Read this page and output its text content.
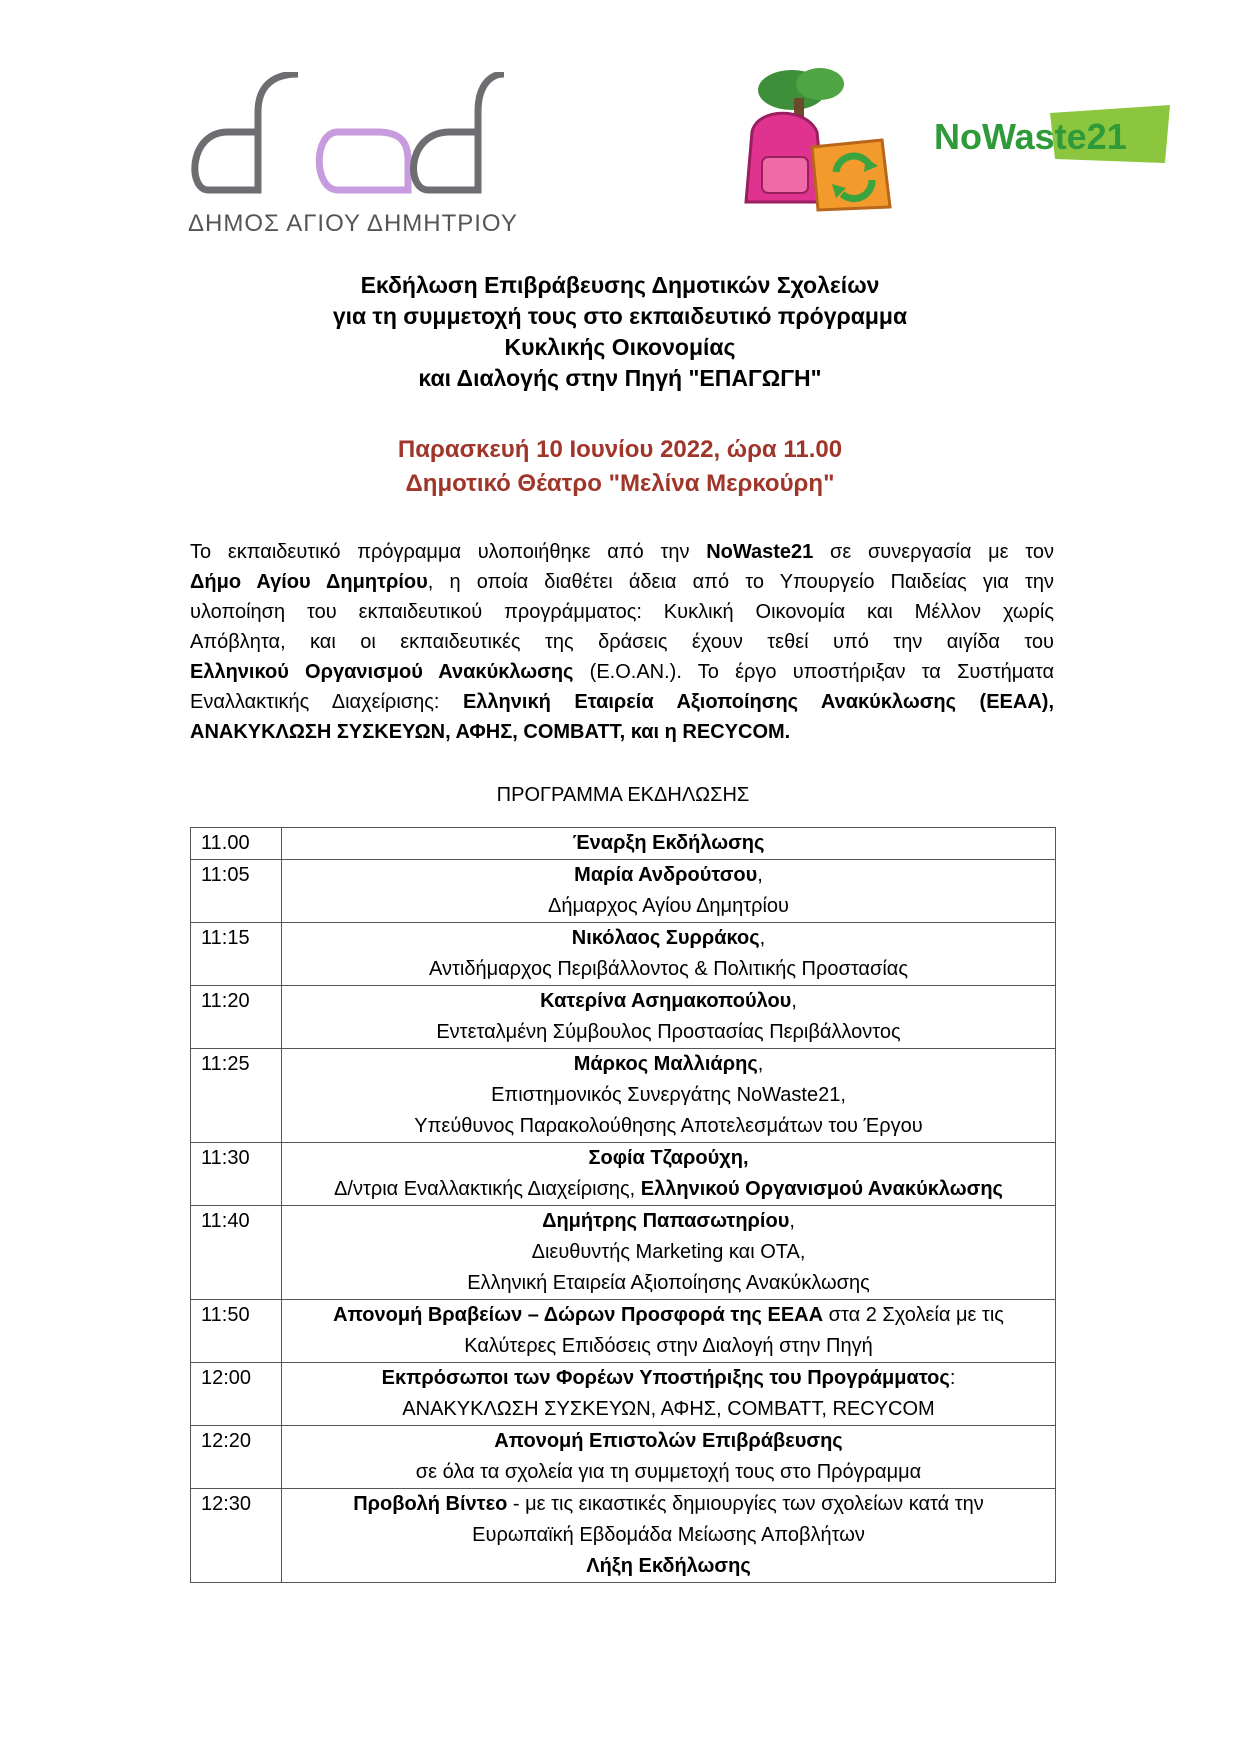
ΔΗΜΟΣ ΑΓΙΟΥ ΔΗΜΗΤΡΙΟΥ
NoWaste21
Εκδήλωση Επιβράβευσης Δημοτικών Σχολείων
για τη συμμετοχή τους στο εκπαιδευτικό πρόγραμμα
Κυκλικής Οικονομίας
και Διαλογής στην Πηγή "ΕΠΑΓΩΓΗ"
Παρασκευή 10 Ιουνίου 2022, ώρα 11.00
Δημοτικό Θέατρο "Μελίνα Μερκούρη"
Το εκπαιδευτικό πρόγραμμα υλοποιήθηκε από την NoWaste21 σε συνεργασία με τον
Δήμο Αγίου Δημητρίου, η οποία διαθέτει άδεια από το Υπουργείο Παιδείας για την
υλοποίηση του εκπαιδευτικού προγράμματος: Κυκλική Οικονομία και Μέλλον χωρίς
Απόβλητα, και οι εκπαιδευτικές της δράσεις έχουν τεθεί υπό την αιγίδα του
Ελληνικού Οργανισμού Ανακύκλωσης (Ε.Ο.ΑΝ.). Το έργο υποστήριξαν τα Συστήματα
Εναλλακτικής Διαχείρισης: Ελληνική Εταιρεία Αξιοποίησης Ανακύκλωσης (ΕΕΑΑ),
ΑΝΑΚΥΚΛΩΣΗ ΣΥΣΚΕΥΩΝ, ΑΦΗΣ, COMBATT, και η RECYCOM.
ΠΡΟΓΡΑΜΜΑ ΕΚΔΗΛΩΣΗΣ
11.00	Έναρξη Εκδήλωσης

11:05	Μαρία Ανδρούτσου,
Δήμαρχος Αγίου Δημητρίου

11:15	Νικόλαος Συρράκος,
Αντιδήμαρχος Περιβάλλοντος & Πολιτικής Προστασίας

11:20	Κατερίνα Ασημακοπούλου,
Εντεταλμένη Σύμβουλος Προστασίας Περιβάλλοντος

11:25	Μάρκος Μαλλιάρης,
Επιστημονικός Συνεργάτης NoWaste21,
Υπεύθυνος Παρακολούθησης Αποτελεσμάτων του Έργου

11:30	Σοφία Τζαρούχη,
Δ/ντρια Εναλλακτικής Διαχείρισης, Ελληνικού Οργανισμού Ανακύκλωσης

11:40	Δημήτρης Παπασωτηρίου,
Διευθυντής Marketing και ΟΤΑ,
Ελληνική Εταιρεία Αξιοποίησης Ανακύκλωσης

11:50	Απονομή Βραβείων – Δώρων Προσφορά της ΕΕΑΑ στα 2 Σχολεία με τις
Καλύτερες Επιδόσεις στην Διαλογή στην Πηγή

12:00	Εκπρόσωποι των Φορέων Υποστήριξης του Προγράμματος:
ΑΝΑΚΥΚΛΩΣΗ ΣΥΣΚΕΥΩΝ, ΑΦΗΣ, COMBATT, RECYCOM

12:20	Απονομή Επιστολών Επιβράβευσης
σε όλα τα σχολεία για τη συμμετοχή τους στο Πρόγραμμα

12:30	Προβολή Βίντεο - με τις εικαστικές δημιουργίες των σχολείων κατά την
Ευρωπαϊκή Εβδομάδα Μείωσης Αποβλήτων
Λήξη Εκδήλωσης
